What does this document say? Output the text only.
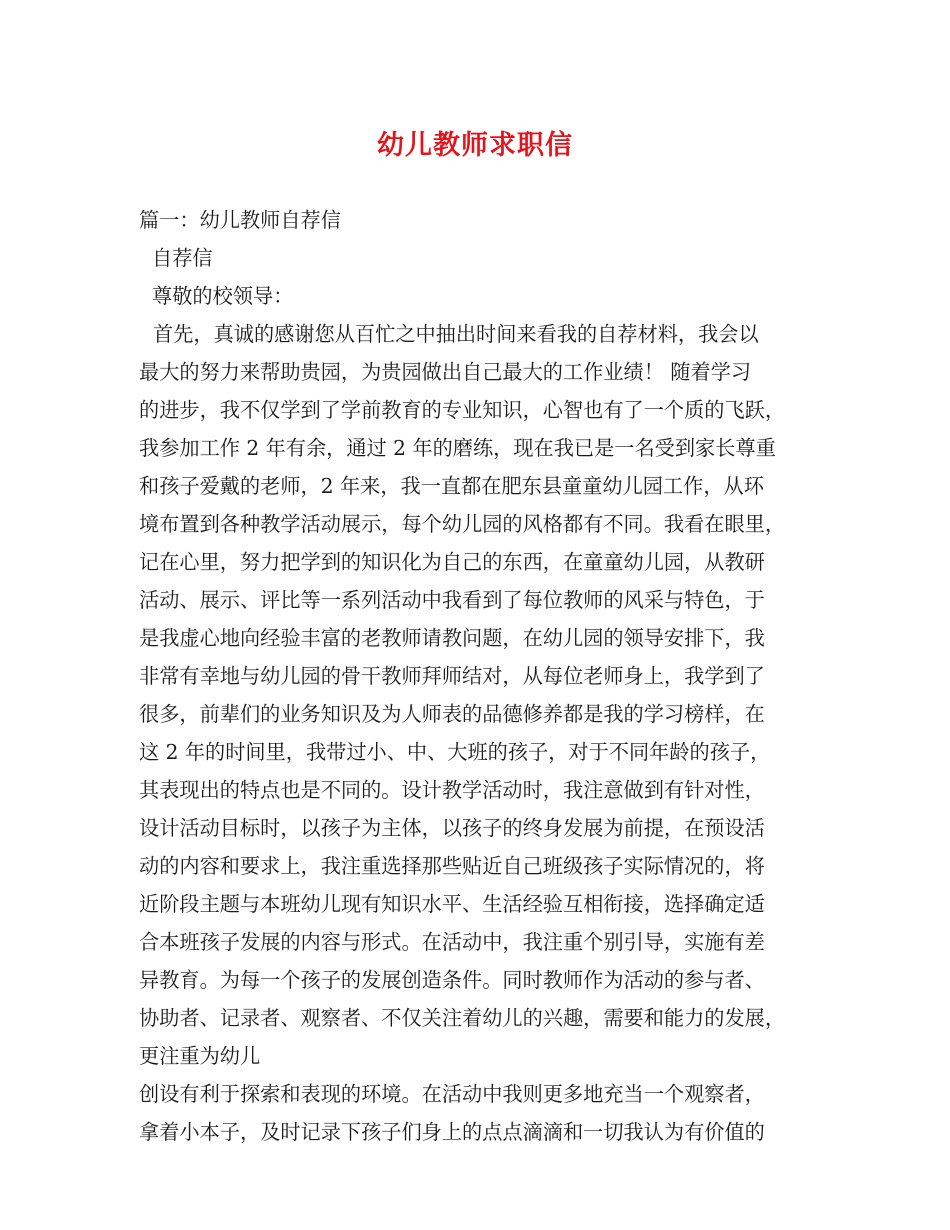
幼儿教师求职信
篇一：幼儿教师自荐信
自荐信
尊敬的校领导：
首先，真诚的感谢您从百忙之中抽出时间来看我的自荐材料，我会以
最大的努力来帮助贵园，为贵园做出自己最大的工作业绩！ 随着学习
的进步，我不仅学到了学前教育的专业知识，心智也有了一个质的飞跃，
我参加工作 2 年有余，通过 2 年的磨练，现在我已是一名受到家长尊重
和孩子爱戴的老师，2 年来，我一直都在肥东县童童幼儿园工作，从环
境布置到各种教学活动展示，每个幼儿园的风格都有不同。我看在眼里，
记在心里，努力把学到的知识化为自己的东西，在童童幼儿园，从教研
活动、展示、评比等一系列活动中我看到了每位教师的风采与特色，于
是我虚心地向经验丰富的老教师请教问题，在幼儿园的领导安排下，我
非常有幸地与幼儿园的骨干教师拜师结对，从每位老师身上，我学到了
很多，前辈们的业务知识及为人师表的品德修养都是我的学习榜样，在
这 2 年的时间里，我带过小、中、大班的孩子，对于不同年龄的孩子，
其表现出的特点也是不同的。设计教学活动时，我注意做到有针对性，
设计活动目标时，以孩子为主体，以孩子的终身发展为前提，在预设活
动的内容和要求上，我注重选择那些贴近自己班级孩子实际情况的，将
近阶段主题与本班幼儿现有知识水平、生活经验互相衔接，选择确定适
合本班孩子发展的内容与形式。在活动中，我注重个别引导，实施有差
异教育。为每一个孩子的发展创造条件。同时教师作为活动的参与者、
协助者、记录者、观察者、不仅关注着幼儿的兴趣，需要和能力的发展，
更注重为幼儿
创设有利于探索和表现的环境。在活动中我则更多地充当一个观察者，
拿着小本子，及时记录下孩子们身上的点点滴滴和一切我认为有价值的
